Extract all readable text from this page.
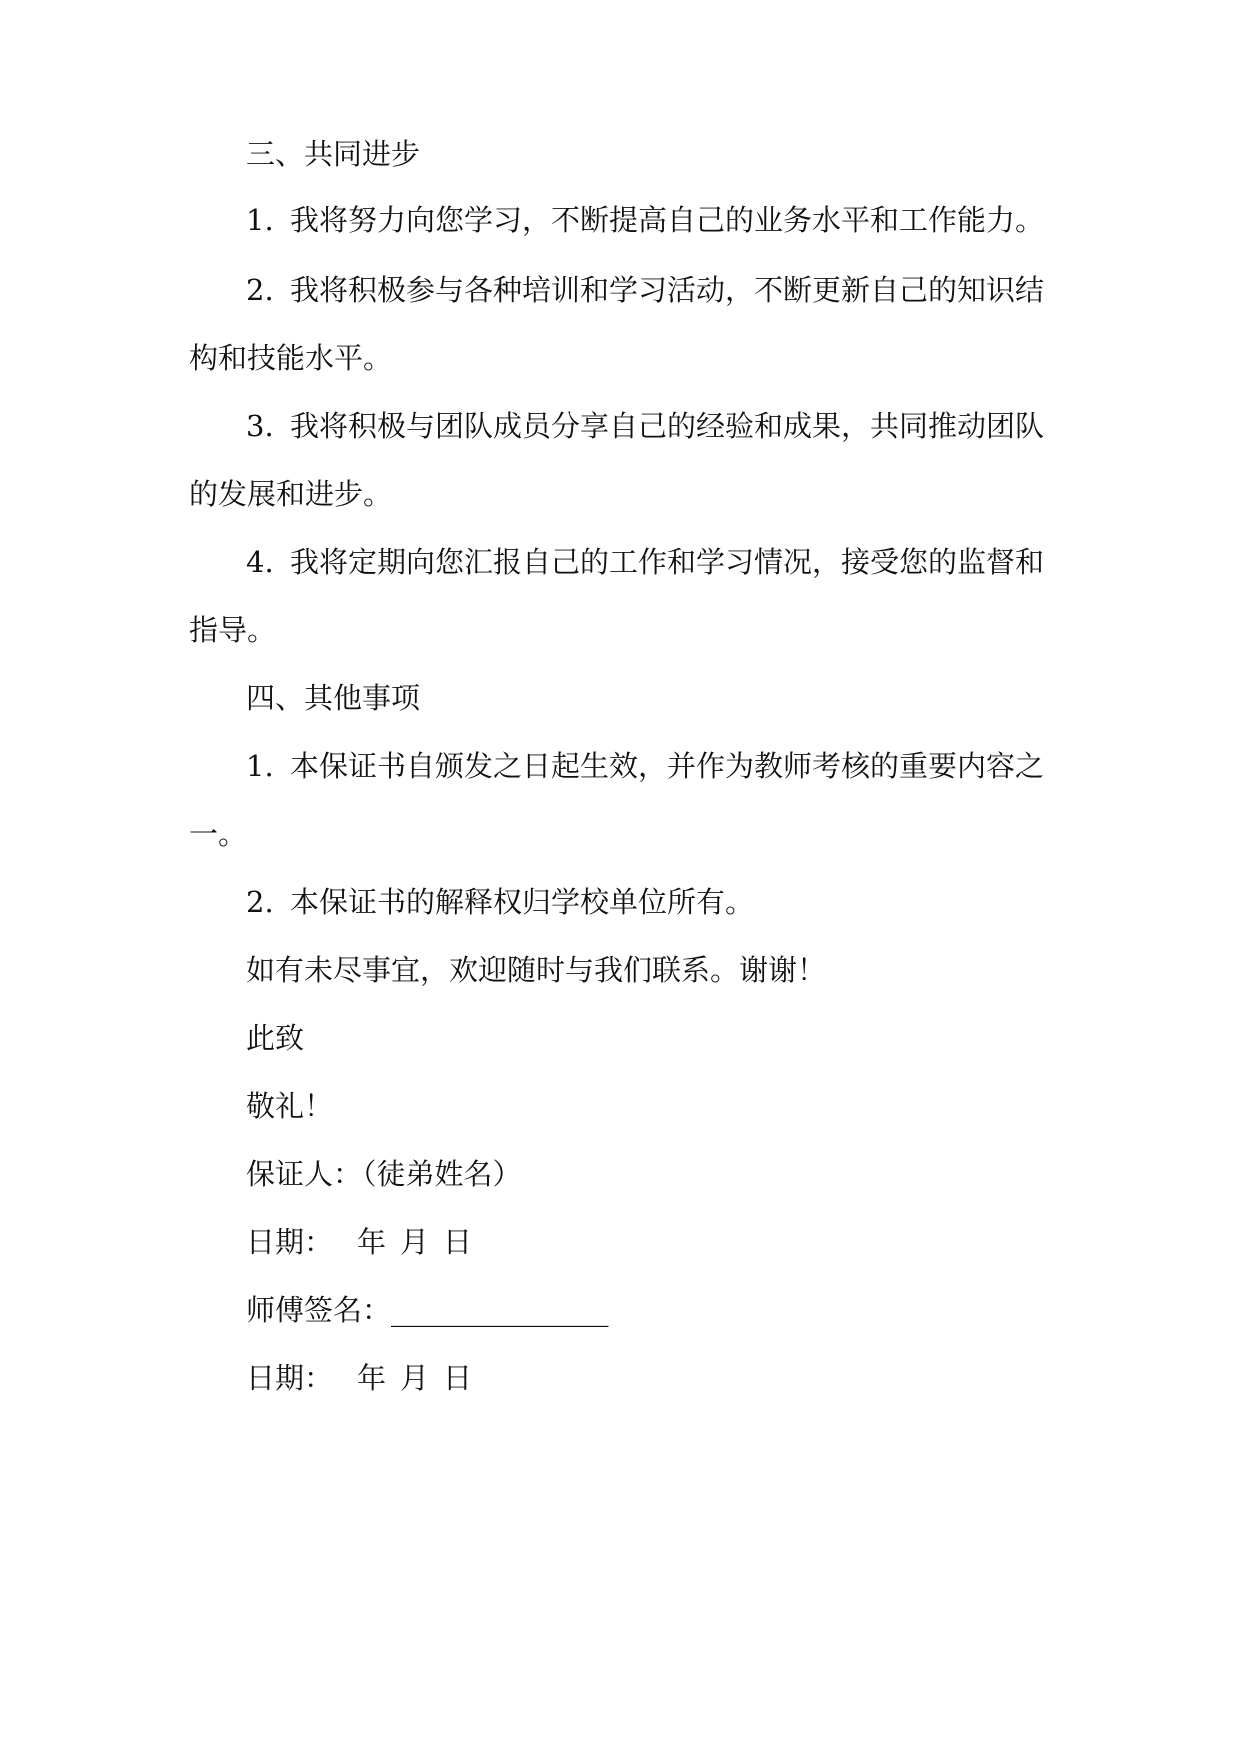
三、共同进步
1. 我将努力向您学习，不断提高自己的业务水平和工作能力。
2. 我将积极参与各种培训和学习活动，不断更新自己的知识结
构和技能水平。
3. 我将积极与团队成员分享自己的经验和成果，共同推动团队
的发展和进步。
4. 我将定期向您汇报自己的工作和学习情况，接受您的监督和
指导。
四、其他事项
1. 本保证书自颁发之日起生效，并作为教师考核的重要内容之
一。
2. 本保证书的解释权归学校单位所有。
如有未尽事宜，欢迎随时与我们联系。谢谢！
此致
敬礼！
保证人：（徒弟姓名）
日期： 年 月 日
师傅签名：_______________
日期： 年 月 日
